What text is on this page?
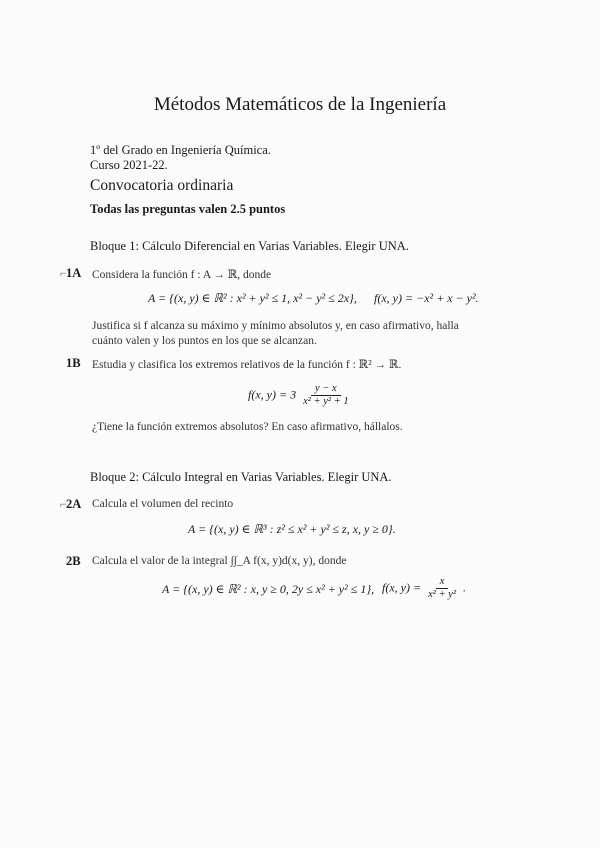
Métodos Matemáticos de la Ingeniería
1º del Grado en Ingeniería Química.
Curso 2021-22.
Convocatoria ordinaria
Todas las preguntas valen 2.5 puntos
Bloque 1: Cálculo Diferencial en Varias Variables. Elegir UNA.
⌐ 1A Considera la función f : A → ℝ, donde
A = {(x, y) ∈ ℝ² : x² + y² ≤ 1, x² − y² ≤ 2x}, f(x, y) = −x² + x − y².
Justifica si f alcanza su máximo y mínimo absolutos y, en caso afirmativo, halla
cuánto valen y los puntos en los que se alcanzan.
1B Estudia y clasifica los extremos relativos de la función f : ℝ² → ℝ.
f(x, $y) = 3 \frac{y - x}{\text{x² + y² + 1}}$
¿Tiene la función extremos absolutos? En caso afirmativo, hállalos.
Bloque 2: Cálculo Integral en Varias Variables. Elegir UNA.
⌐ 2A Calcula el volumen del recinto
A = {(x, y) ∈ ℝ³ : z² ≤ x² + y² ≤ z, x, y ≥ 0}.
2B Calcula el valor de la integral ∫∫_A f(x, y)d(x, y), donde
A = {(x, y) ∈ ℝ² : x, y ≥ 0, 2y ≤ x² + y² ≤ 1}, f(x, $y) = \frac{x}{\text{x² + y²}}$ .
